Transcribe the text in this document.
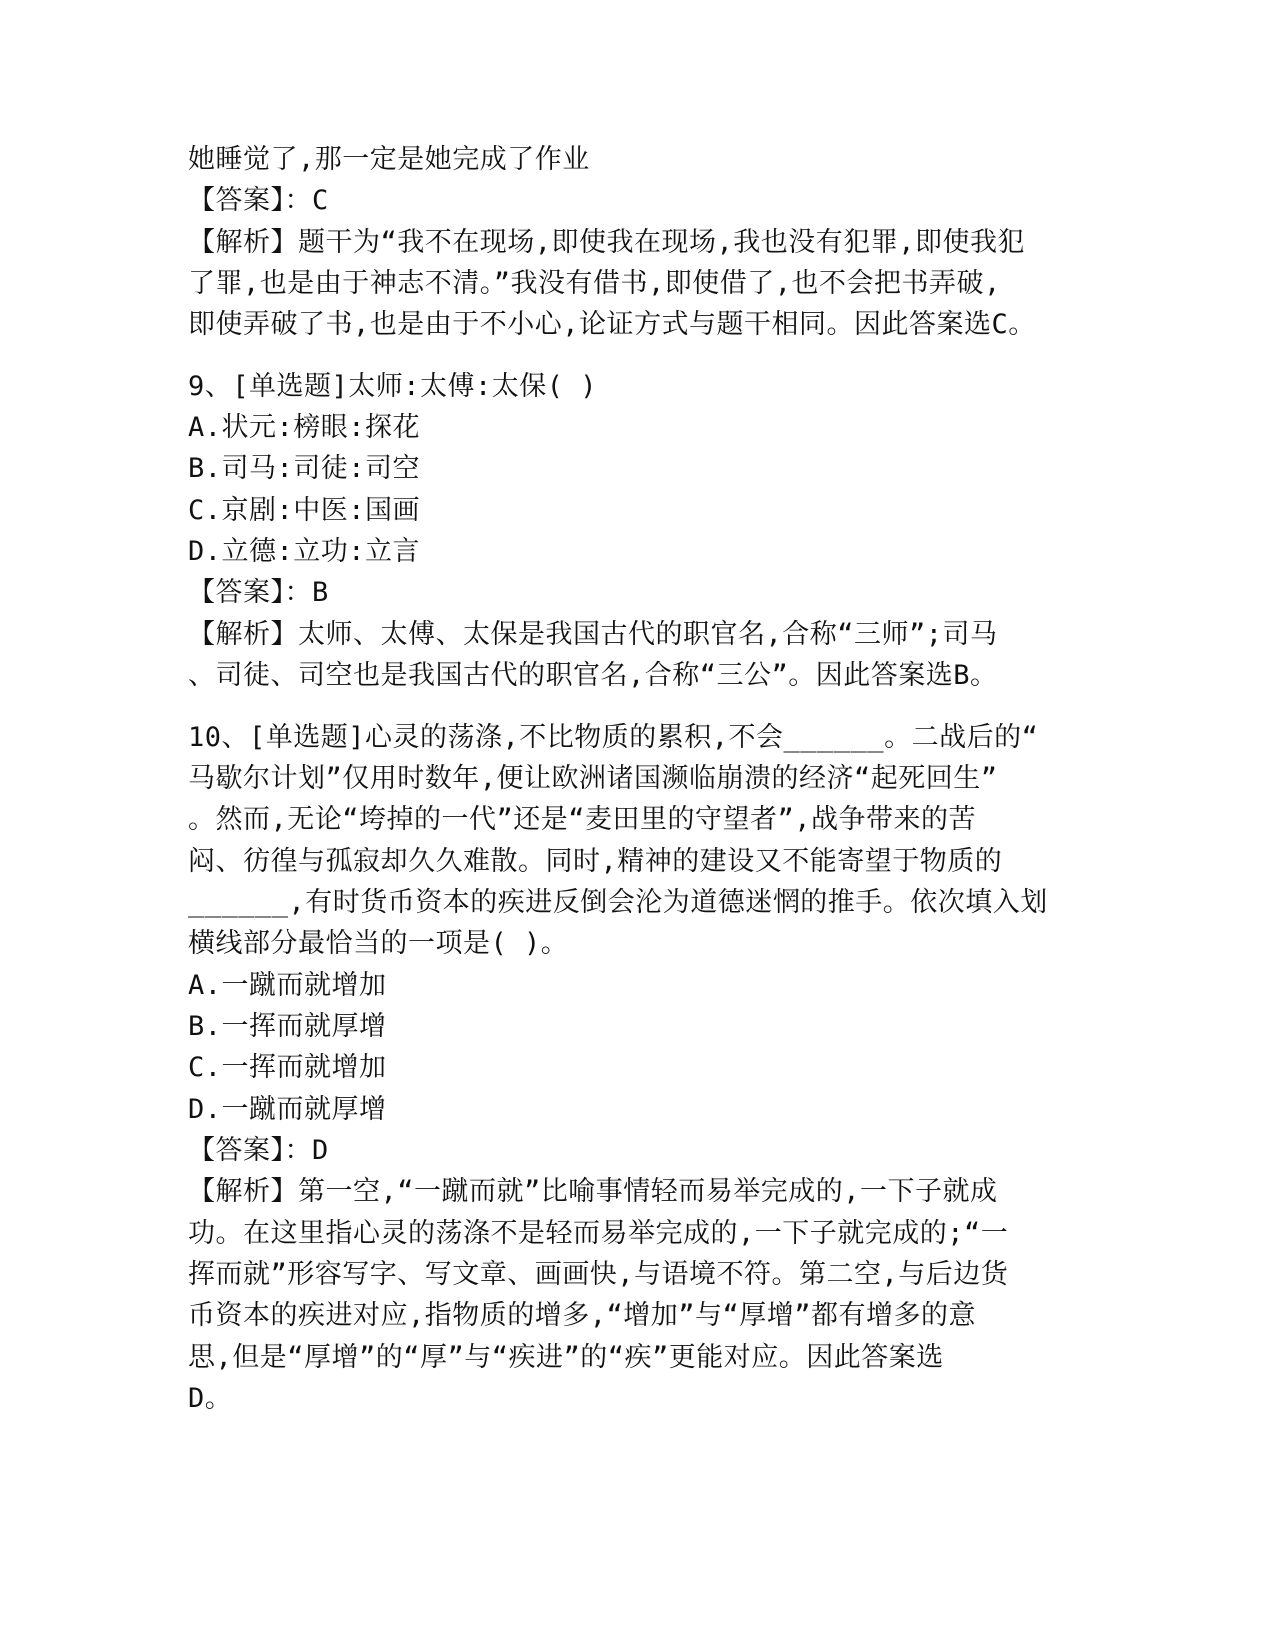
她睡觉了,那一定是她完成了作业
【答案】：C
【解析】题干为“我不在现场,即使我在现场,我也没有犯罪,即使我犯
了罪,也是由于神志不清。”我没有借书,即使借了,也不会把书弄破,
即使弄破了书,也是由于不小心,论证方式与题干相同。因此答案选C。
9、[单选题]太师:太傅:太保( )
A.状元:榜眼:探花
B.司马:司徒:司空
C.京剧:中医:国画
D.立德:立功:立言
【答案】：B
【解析】太师、太傅、太保是我国古代的职官名,合称“三师”;司马
、司徒、司空也是我国古代的职官名,合称“三公”。因此答案选B。
10、[单选题]心灵的荡涤,不比物质的累积,不会______。二战后的“
马歇尔计划”仅用时数年,便让欧洲诸国濒临崩溃的经济“起死回生”
。然而,无论“垮掉的一代”还是“麦田里的守望者”,战争带来的苦
闷、彷徨与孤寂却久久难散。同时,精神的建设又不能寄望于物质的
______,有时货币资本的疾进反倒会沦为道德迷惘的推手。依次填入划
横线部分最恰当的一项是( )。
A.一蹴而就增加
B.一挥而就厚增
C.一挥而就增加
D.一蹴而就厚增
【答案】：D
【解析】第一空,“一蹴而就”比喻事情轻而易举完成的,一下子就成
功。在这里指心灵的荡涤不是轻而易举完成的,一下子就完成的;“一
挥而就”形容写字、写文章、画画快,与语境不符。第二空,与后边货
币资本的疾进对应,指物质的增多,“增加”与“厚增”都有增多的意
思,但是“厚增”的“厚”与“疾进”的“疾”更能对应。因此答案选
D。
